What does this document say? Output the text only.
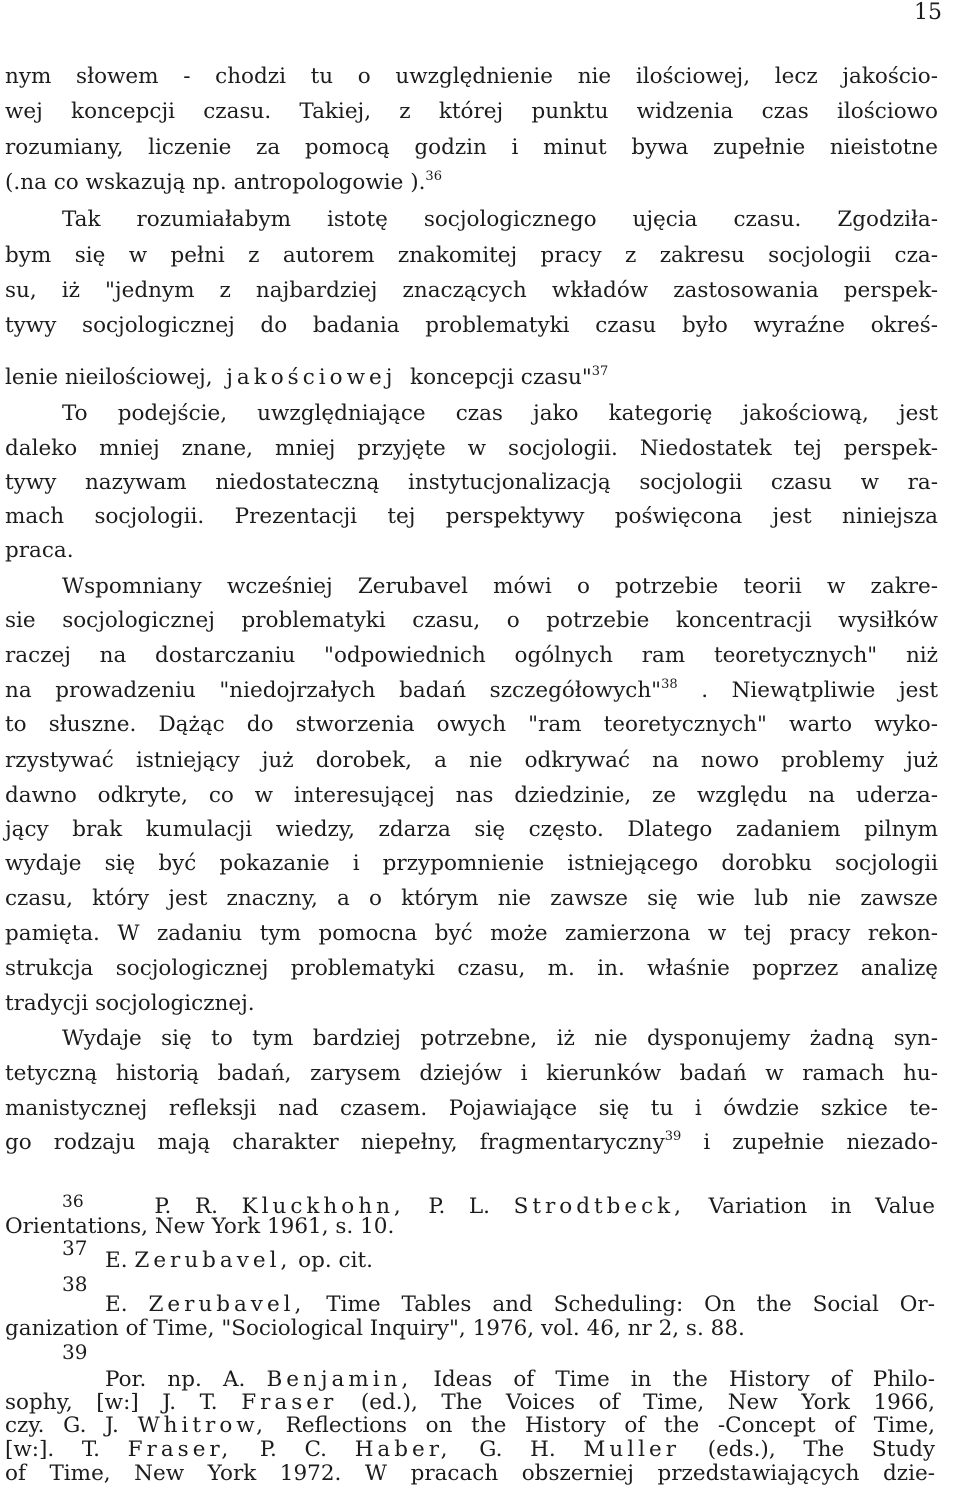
15
nym słowem - chodzi tu o uwzględnienie nie ilościowej, lecz jakościo-
wej koncepcji czasu. Takiej, z której punktu widzenia czas ilościowo
rozumiany, liczenie za pomocą godzin i minut bywa zupełnie nieistotne
(.na co wskazują np. antropologowie ).$^{36}$
Tak rozumiałabym istotę socjologicznego ujęcia czasu. Zgodziła-
bym się w pełni z autorem znakomitej pracy z zakresu socjologii cza-
su, iż "jednym z najbardziej znaczących wkładów zastosowania perspek-
tywy socjologicznej do badania problematyki czasu było wyraźne okreś-
lenie nieilościowej, jakościowej koncepcji czasu"$^{37}$
To podejście, uwzględniające czas jako kategorię jakościową, jest
daleko mniej znane, mniej przyjęte w socjologii. Niedostatek tej perspek-
tywy nazywam niedostateczną instytucjonalizacją socjologii czasu w ra-
mach socjologii. Prezentacji tej perspektywy poświęcona jest niniejsza
praca.
Wspomniany wcześniej Zerubavel mówi o potrzebie teorii w zakre-
sie socjologicznej problematyki czasu, o potrzebie koncentracji wysiłków
raczej na dostarczaniu "odpowiednich ogólnych ram teoretycznych" niż
na prowadzeniu "niedojrzałych badań szczegółowych"$^{38}$ . Niewątpliwie jest
to słuszne. Dążąc do stworzenia owych "ram teoretycznych" warto wyko-
rzystywać istniejący już dorobek, a nie odkrywać na nowo problemy już
dawno odkryte, co w interesującej nas dziedzinie, ze względu na uderza-
jący brak kumulacji wiedzy, zdarza się często. Dlatego zadaniem pilnym
wydaje się być pokazanie i przypomnienie istniejącego dorobku socjologii
czasu, który jest znaczny, a o którym nie zawsze się wie lub nie zawsze
pamięta. W zadaniu tym pomocna być może zamierzona w tej pracy rekon-
strukcja socjologicznej problematyki czasu, m. in. właśnie poprzez analizę
tradycji socjologicznej.
Wydaje się to tym bardziej potrzebne, iż nie dysponujemy żadną syn-
tetyczną historią badań, zarysem dziejów i kierunków badań w ramach hu-
manistycznej refleksji nad czasem. Pojawiające się tu i ówdzie szkice te-
go rodzaju mają charakter niepełny, fragmentaryczny$^{39}$ i zupełnie niezado-
$^{36}$	P. R. Kluckhohn, P. L. Strodtbeck, Variation in Value
Orientations, New York 1961, s. 10.
37 E. Zerubavel, op. cit.
38
E. Zerubavel, Time Tables and Scheduling: On the Social Or-
ganization of Time, "Sociological Inquiry", 1976, vol. 46, nr 2, s. 88.
39
Por. np. A. Benjamin, Ideas of Time in the History of Philo-
sophy, [w:] J. T. Fraser (ed.), The Voices of Time, New York 1966,
czy. G. J. Whitrow, Reflections on the History of the -Concept of Time,
[w:]. T. Fraser, P. C. Haber, G. H. Muller (eds.), The Study
of Time, New York 1972. W pracach obszerniej przedstawiających dzie-
